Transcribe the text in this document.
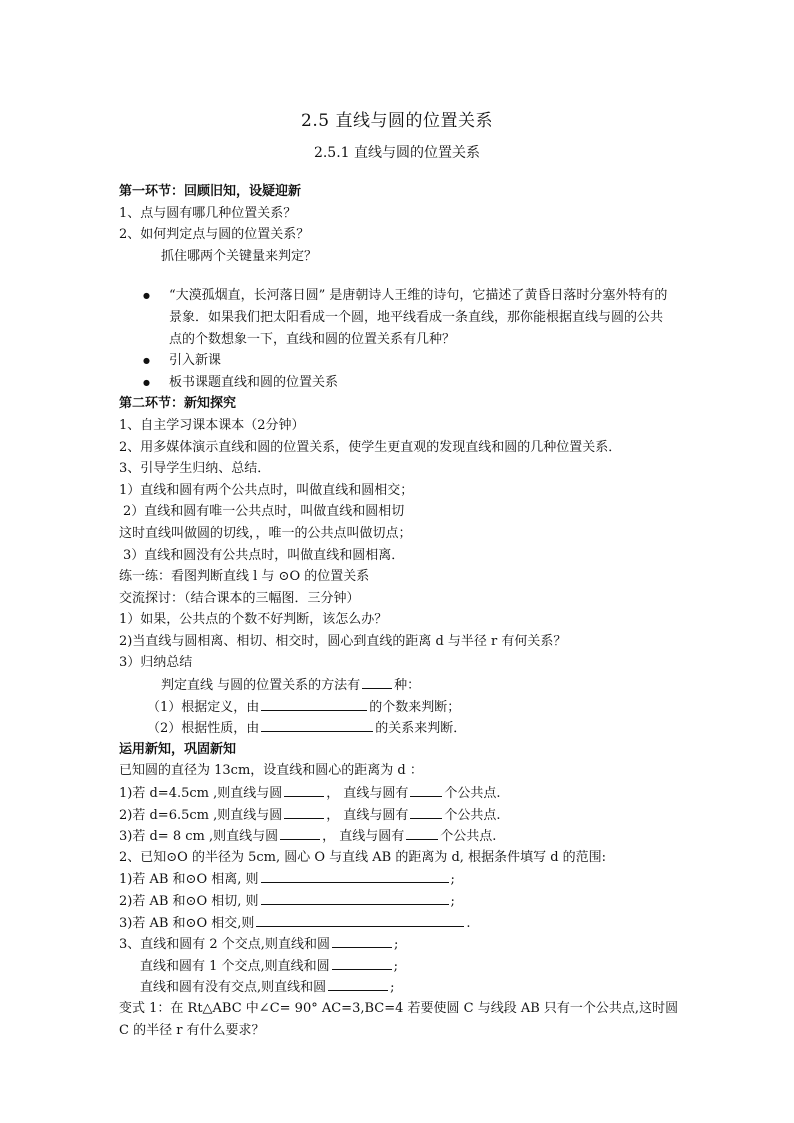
2.5 直线与圆的位置关系
2.5.1 直线与圆的位置关系
第一环节：回顾旧知，设疑迎新
1、点与圆有哪几种位置关系？
2、如何判定点与圆的位置关系？
抓住哪两个关键量来判定？
● “大漠孤烟直，长河落日圆” 是唐朝诗人王维的诗句，它描述了黄昏日落时分塞外特有的景象．如果我们把太阳看成一个圆，地平线看成一条直线，那你能根据直线与圆的公共点的个数想象一下，直线和圆的位置关系有几种？
● 引入新课
● 板书课题直线和圆的位置关系
第二环节：新知探究
1、自主学习课本课本（2分钟）
2、用多媒体演示直线和圆的位置关系，使学生更直观的发现直线和圆的几种位置关系．
3、引导学生归纳、总结．
1）直线和圆有两个公共点时，叫做直线和圆相交；
2）直线和圆有唯一公共点时，叫做直线和圆相切
这时直线叫做圆的切线，，唯一的公共点叫做切点；
3）直线和圆没有公共点时，叫做直线和圆相离．
练一练：看图判断直线 l 与 ⊙O 的位置关系
交流探讨：（结合课本的三幅图．三分钟）
1）如果，公共点的个数不好判断，该怎么办？
2)当直线与圆相离、相切、相交时，圆心到直线的距离 d 与半径 r 有何关系？
3）归纳总结
判定直线 与圆的位置关系的方法有	种：
（1）根据定义，由	的个数来判断；
（2）根据性质，由	的关系来判断．
运用新知，巩固新知
已知圆的直径为 13cm，设直线和圆心的距离为 d ：
1)若 d=4.5cm ,则直线与圆	， 直线与圆有	个公共点.
2)若 d=6.5cm ,则直线与圆	， 直线与圆有	个公共点.
3)若 d= 8 cm ,则直线与圆	， 直线与圆有	个公共点.
2、已知⊙O 的半径为 5cm, 圆心 O 与直线 AB 的距离为 d, 根据条件填写 d 的范围:
1)若 AB 和⊙O 相离, 则	;
2)若 AB 和⊙O 相切, 则	;
3)若 AB 和⊙O 相交,则	.
3、直线和圆有 2 个交点,则直线和圆	;
直线和圆有 1 个交点,则直线和圆	;
直线和圆有没有交点,则直线和圆	;
变式 1：在 Rt△ABC 中∠C= 90° AC=3,BC=4 若要使圆 C 与线段 AB 只有一个公共点,这时圆 C 的半径 r 有什么要求？
